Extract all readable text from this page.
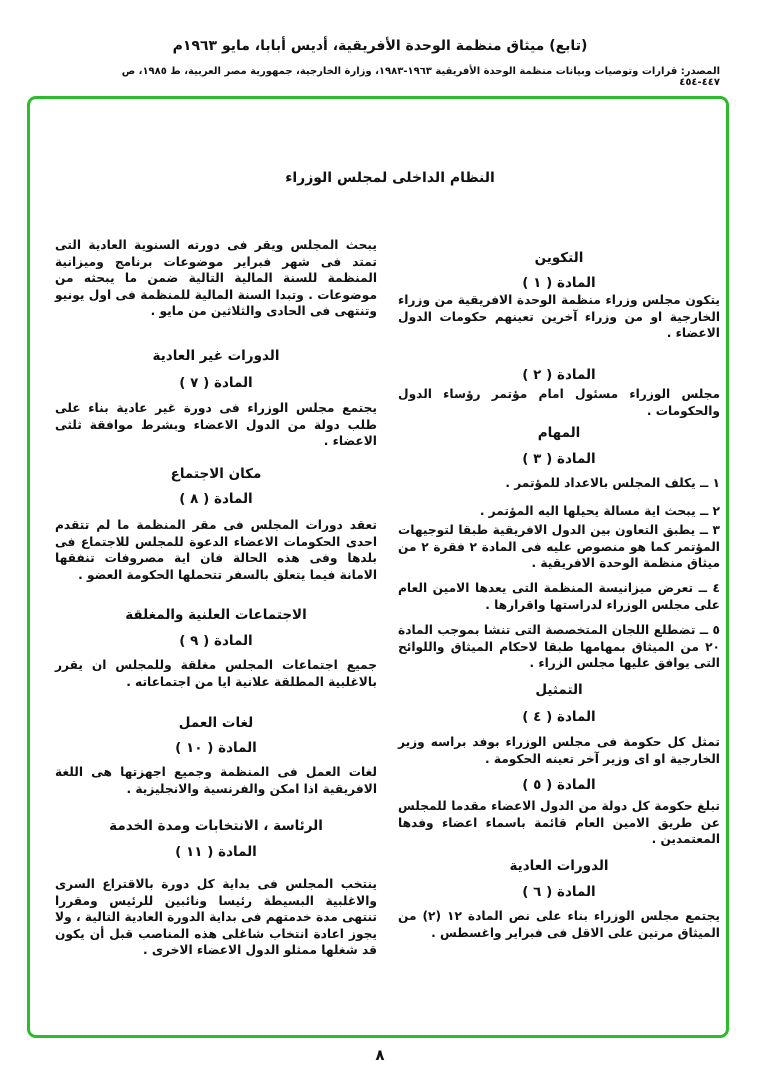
(تابع) ميثاق منظمة الوحدة الأفريقية، أديس أبابا، مايو ١٩٦٣م
المصدر: قرارات وتوصيات وبيانات منظمة الوحدة الأفريقية ١٩٦٣-١٩٨٣، وزارة الخارجية، جمهورية مصر العربية، ط ١٩٨٥، ص ٤٤٧-٤٥٤
النظام الداخلى لمجلس الوزراء
التكوين
المادة ( ١ )
يتكون مجلس وزراء منظمة الوحدة الافريقية من وزراء الخارجية او من وزراء آخرين تعينهم حكومات الدول الاعضاء .
المادة ( ٢ )
مجلس الوزراء مسئول امام مؤتمر رؤساء الدول والحكومات .
المهام
المادة ( ٣ )
١ ــ يكلف المجلس بالاعداد للمؤتمر .
٢ ــ يبحث اية مسالة يحيلها اليه المؤتمر .
٣ ــ يطبق التعاون بين الدول الافريقية طبقا لتوجيهات المؤتمر كما هو منصوص عليه فى المادة ٢ فقرة ٢ من ميثاق منظمة الوحدة الافريقية .
٤ ــ تعرض ميزانيسة المنظمة التى يعدها الامين العام على مجلس الوزراء لدراستها واقرارها .
٥ ــ تضطلع اللجان المتخصصة التى تنشا بموجب المادة ٢٠ من الميثاق بمهامها طبقا لاحكام الميثاق واللوائح التى يوافق عليها مجلس الزراء .
التمثيل
المادة ( ٤ )
تمثل كل حكومة فى مجلس الوزراء بوفد براسه وزير الخارجية او اى وزير آخر تعينه الحكومة .
المادة ( ٥ )
تبلغ حكومة كل دولة من الدول الاعضاء مقدما للمجلس عن طريق الامين العام قائمة باسماء اعضاء وفدها المعتمدين .
الدورات العادية
المادة ( ٦ )
يجتمع مجلس الوزراء بناء على نص المادة ١٢ (٢) من الميثاق مرتين على الاقل فى فبراير واغسطس .
يبحث المجلس ويقر فى دورته السنوية العادية التى تمتد فى شهر فبراير موضوعات برنامج وميزانية المنظمة للسنة المالية التالية ضمن ما يبحثه من موضوعات . وتبدا السنة المالية للمنظمة فى اول يونيو وتنتهى فى الحادى والثلاثين من مايو .
الدورات غير العادية
المادة ( ٧ )
يجتمع مجلس الوزراء فى دورة غير عادية بناء على طلب دولة من الدول الاعضاء وبشرط موافقة ثلثى الاعضاء .
مكان الاجتماع
المادة ( ٨ )
تعقد دورات المجلس فى مقر المنظمة ما لم تتقدم احدى الحكومات الاعضاء الدعوة للمجلس للاجتماع فى بلدها وفى هذه الحالة فان اية مصروفات تنفقها الامانة فيما يتعلق بالسفر تتحملها الحكومة العضو .
الاجتماعات العلنية والمغلقة
المادة ( ٩ )
جميع اجتماعات المجلس مغلقة وللمجلس ان يقرر بالاغلبية المطلقة علانية ايا من اجتماعاته .
لغات العمل
المادة ( ١٠ )
لغات العمل فى المنظمة وجميع اجهزتها هى اللغة الافريقية اذا امكن والفرنسية والانجليزية .
الرئاسة ، الانتخابات ومدة الخدمة
المادة ( ١١ )
ينتخب المجلس فى بداية كل دورة بالاقتراع السرى والاغلبية البسيطة رئيسا ونائبين للرئيس ومقررا تنتهى مدة خدمتهم فى بداية الدورة العادية التالية ، ولا يجوز اعادة انتخاب شاغلى هذه المناصب قبل أن يكون قد شغلها ممثلو الدول الاعضاء الاخرى .
٨
